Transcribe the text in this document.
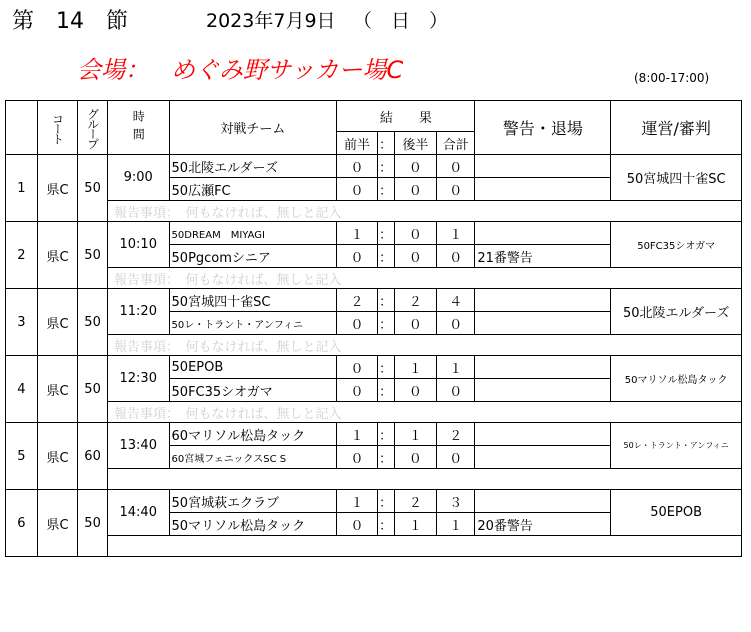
第　14　節	2023年7月9日 （　日　）
会場： めぐみ野サッカー場C	(8:00-17:00)

	コート	グループ	時間	対戦チーム	結　　果				警告・退場	運営/審判
					前半	：	後半	合計		
1	県C	50	9:00	50北陵エルダーズ	０	：	０	０		50宮城四十雀SC
				50広瀬FC	０	：	０	０		
			報告事項：　何もなければ、無しと記入							
2	県C	50	10:10	50DREAM　MIYAGI	１	：	０	１		50FC35シオガマ
				50Pgcomシニア	０	：	０	０	21番警告	
			報告事項：　何もなければ、無しと記入							
3	県C	50	11:20	50宮城四十雀SC	２	：	２	４		50北陵エルダーズ
				50レ・トラント・アンフィニ	０	：	０	０		
			報告事項：　何もなければ、無しと記入							
4	県C	50	12:30	50EPOB	０	：	１	１		50マリソル松島タック
				50FC35シオガマ	０	：	０	０		
			報告事項：　何もなければ、無しと記入							
5	県C	60	13:40	60マリソル松島タック	１	：	１	２		50レ・トラント・アンフィニ
				60宮城フェニックスSC S	０	：	０	０		

6	県C	50	14:40	50宮城萩エクラブ	１	：	２	３		50EPOB
				50マリソル松島タック	０	：	１	１	20番警告	
